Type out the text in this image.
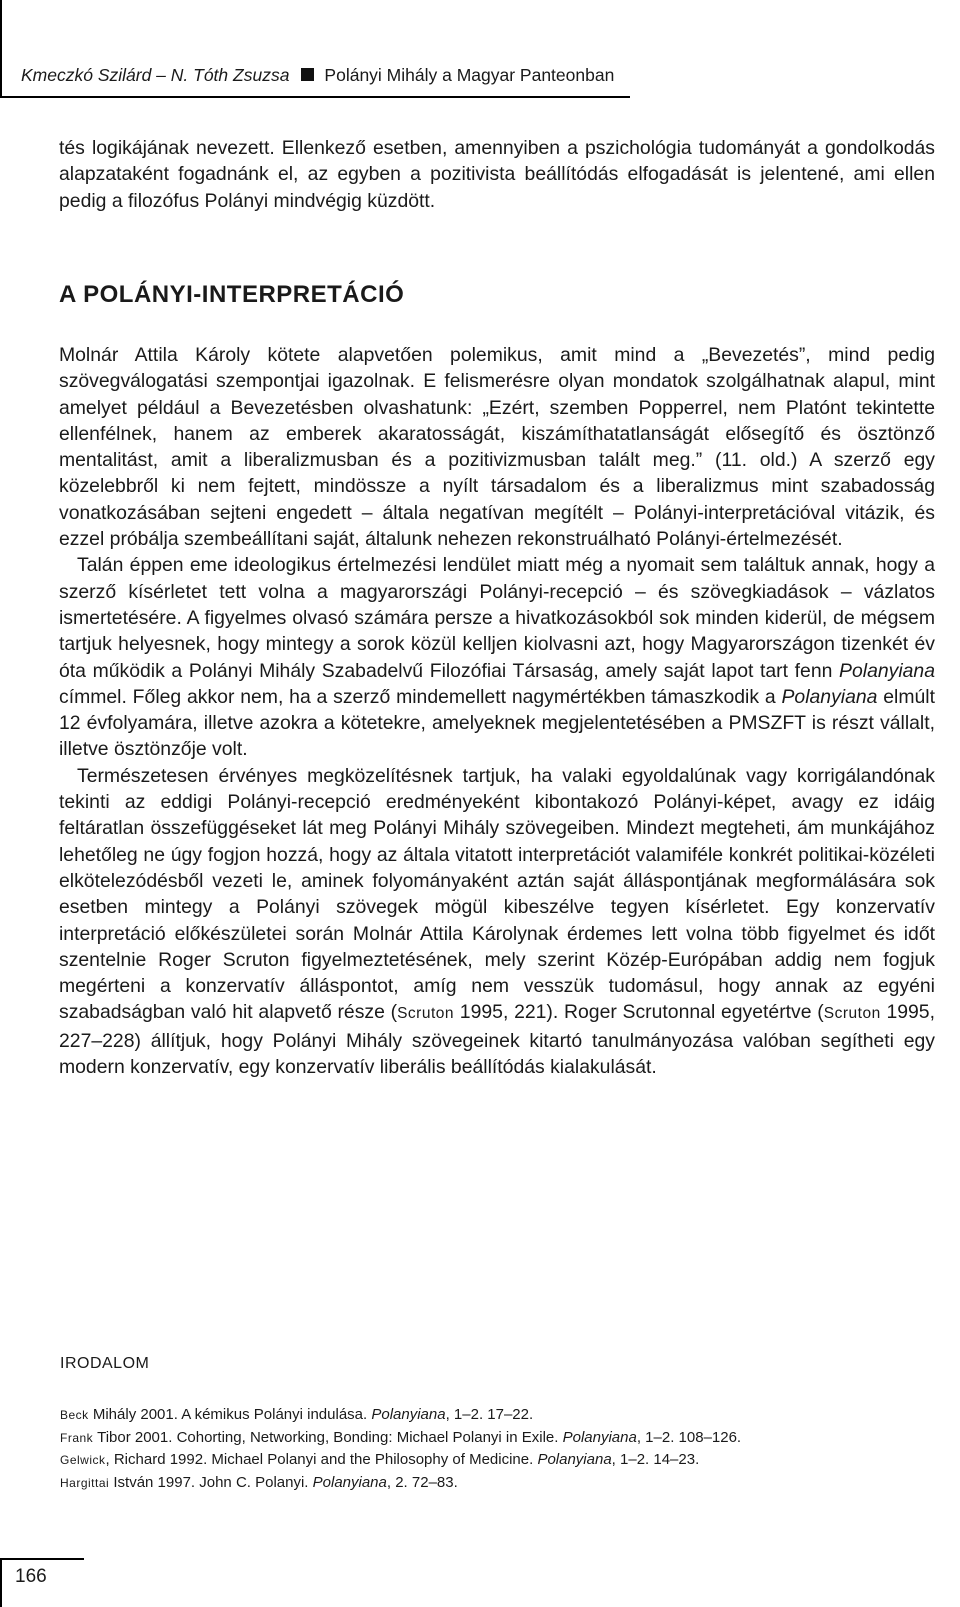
Kmeczkó Szilárd – N. Tóth Zsuzsa Polányi Mihály a Magyar Panteonban

tés logikájának nevezett. Ellenkező esetben, amennyiben a pszichológia tudományát a gondolkodás alapzataként fogadnánk el, az egyben a pozitivista beállítódás elfogadását is jelentené, ami ellen pedig a filozófus Polányi mindvégig küzdött.

A POLÁNYI-INTERPRETÁCIÓ

Molnár Attila Károly kötete alapvetően polemikus, amit mind a „Bevezetés”, mind pedig szövegválogatási szempontjai igazolnak. E felismerésre olyan mondatok szolgálhatnak alapul, mint amelyet például a Bevezetésben olvashatunk: „Ezért, szemben Popperrel, nem Platónt tekintette ellenfélnek, hanem az emberek akaratosságát, kiszámíthatatlanságát elősegítő és ösztönző mentalitást, amit a liberalizmusban és a pozitivizmusban talált meg.” (11. old.) A szerző egy közelebbről ki nem fejtett, mindössze a nyílt társadalom és a liberalizmus mint szabadosság vonatkozásában sejteni engedett – általa negatívan megítélt – Polányi-interpretációval vitázik, és ezzel próbálja szembeállítani saját, általunk nehezen rekonstruálható Polányi-értelmezését.

Talán éppen eme ideologikus értelmezési lendület miatt még a nyomait sem találtuk annak, hogy a szerző kísérletet tett volna a magyarországi Polányi-recepció – és szövegkiadások – vázlatos ismertetésére. A figyelmes olvasó számára persze a hivatkozásokból sok minden kiderül, de mégsem tartjuk helyesnek, hogy mintegy a sorok közül kelljen kiolvasni azt, hogy Magyarországon tizenkét év óta működik a Polányi Mihály Szabadelvű Filozófiai Társaság, amely saját lapot tart fenn Polanyiana címmel. Főleg akkor nem, ha a szerző mindemellett nagymértékben támaszkodik a Polanyiana elmúlt 12 évfolyamára, illetve azokra a kötetekre, amelyeknek megjelentetésében a PMSZFT is részt vállalt, illetve ösztönzője volt.

Természetesen érvényes megközelítésnek tartjuk, ha valaki egyoldalúnak vagy korrigálandónak tekinti az eddigi Polányi-recepció eredményeként kibontakozó Polányi-képet, avagy ez idáig feltáratlan összefüggéseket lát meg Polányi Mihály szövegeiben. Mindezt megteheti, ám munkájához lehetőleg ne úgy fogjon hozzá, hogy az általa vitatott interpretációt valamiféle konkrét politikai-közéleti elkötelezódésből vezeti le, aminek folyományaként aztán saját álláspontjának megformálására sok esetben mintegy a Polányi szövegek mögül kibeszélve tegyen kísérletet. Egy konzervatív interpretáció előkészületei során Molnár Attila Károlynak érdemes lett volna több figyelmet és időt szentelnie Roger Scruton figyelmeztetésének, mely szerint Közép-Európában addig nem fogjuk megérteni a konzervatív álláspontot, amíg nem vesszük tudomásul, hogy annak az egyéni szabadságban való hit alapvető része (Scruton 1995, 221). Roger Scrutonnal egyetértve (Scruton 1995, 227–228) állítjuk, hogy Polányi Mihály szövegeinek kitartó tanulmányozása valóban segítheti egy modern konzervatív, egy konzervatív liberális beállítódás kialakulását.

IRODALOM

Beck Mihály 2001. A kémikus Polányi indulása. Polanyiana, 1–2. 17–22.

Frank Tibor 2001. Cohorting, Networking, Bonding: Michael Polanyi in Exile. Polanyiana, 1–2. 108–126.

Gelwick, Richard 1992. Michael Polanyi and the Philosophy of Medicine. Polanyiana, 1–2. 14–23.

Hargittai István 1997. John C. Polanyi. Polanyiana, 2. 72–83.

166
